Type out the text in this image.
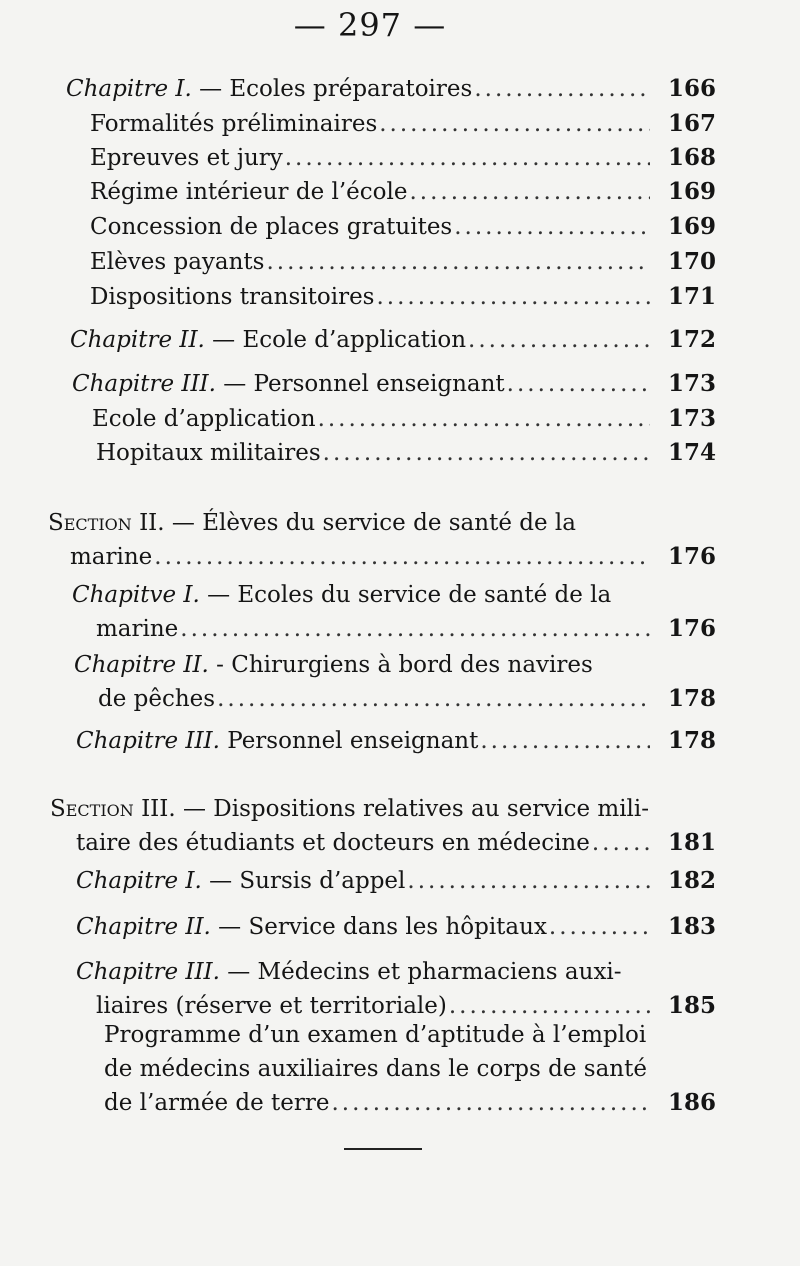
— 297 —
Chapitre I. — Ecoles préparatoires .....	166
Formalités préliminaires .....	167
Epreuves et jury .....	168
Régime intérieur de l’école .....	169
Concession de places gratuites .....	169
Elèves payants .....	170
Dispositions transitoires .....	171
Chapitre II. — Ecole d’application .....	172
Chapitre III. — Personnel enseignant .....	173
Ecole d’application .....	173
Hopitaux militaires .....	174
Section II. — Élèves du service de santé de la
marine .....	176
Chapitve I. — Ecoles du service de santé de la
marine .....	176
Chapitre II. - Chirurgiens à bord des navires
de pêches .....	178
Chapitre III. Personnel enseignant .....	178
Section III. — Dispositions relatives au service mili-
taire des étudiants et docteurs en médecine .....	181
Chapitre I. — Sursis d’appel .....	182
Chapitre II. — Service dans les hôpitaux .....	183
Chapitre III. — Médecins et pharmaciens auxi-
liaires (réserve et territoriale) .....	185
Programme d’un examen d’aptitude à l’emploi
de médecins auxiliaires dans le corps de santé
de l’armée de terre .....	186
